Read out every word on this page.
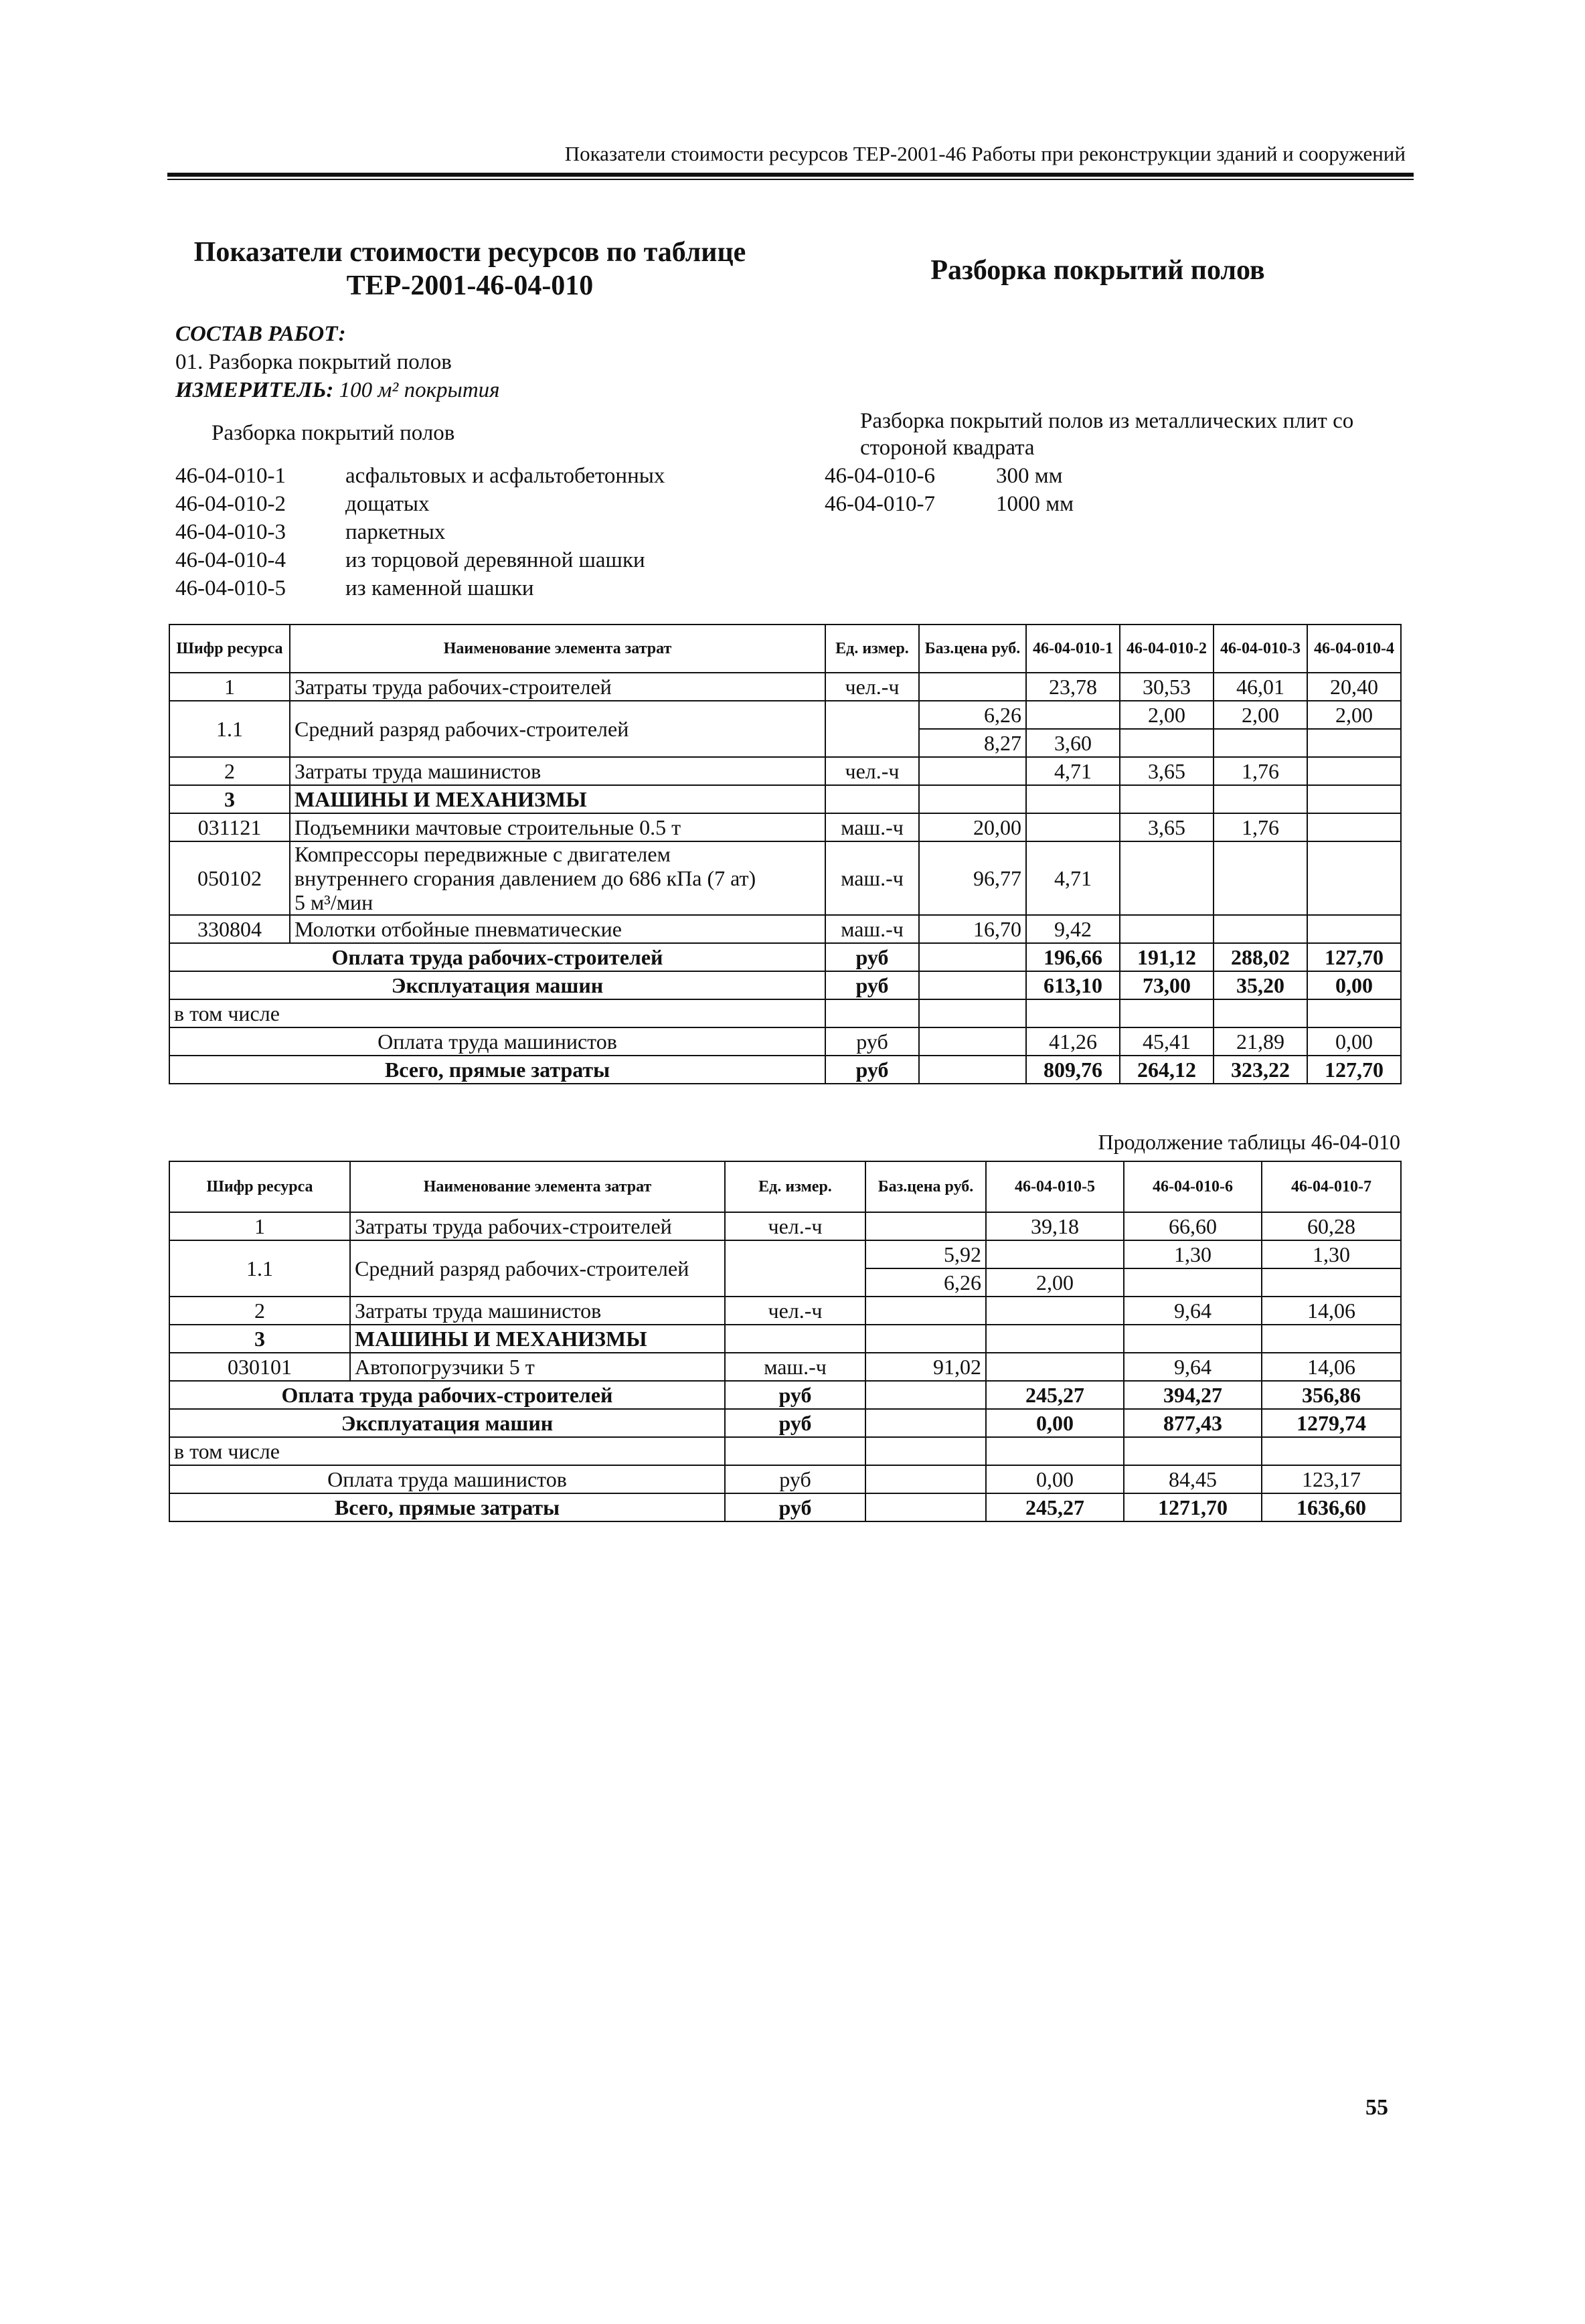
Показатели стоимости ресурсов ТЕР-2001-46 Работы при реконструкции зданий и сооружений
Показатели стоимости ресурсов по таблице
ТЕР-2001-46-04-010	Разборка покрытий полов
СОСТАВ РАБОТ:
01. Разборка покрытий полов
ИЗМЕРИТЕЛЬ: 100 м² покрытия
Разборка покрытий полов
46-04-010-1	асфальтовых и асфальтобетонных
46-04-010-2	дощатых
46-04-010-3	паркетных
46-04-010-4	из торцовой деревянной шашки
46-04-010-5	из каменной шашки
Разборка покрытий полов из металлических плит со
стороной квадрата
46-04-010-6	300 мм
46-04-010-7	1000 мм
Шифр ресурса	Наименование элемента затрат	Ед. измер.	Баз.цена руб.	46-04-010-1	46-04-010-2	46-04-010-3	46-04-010-4
1	Затраты труда рабочих-строителей	чел.-ч		23,78	30,53	46,01	20,40
1.1	Средний разряд рабочих-строителей		6,26		2,00	2,00	2,00
			8,27	3,60			
2	Затраты труда машинистов	чел.-ч		4,71	3,65	1,76	
3	МАШИНЫ И МЕХАНИЗМЫ						
031121	Подъемники мачтовые строительные 0.5 т	маш.-ч	20,00		3,65	1,76	
050102	Компрессоры передвижные с двигателем
внутреннего сгорания давлением до 686 кПа (7 ат)
5 м³/мин	маш.-ч	96,77	4,71			
330804	Молотки отбойные пневматические	маш.-ч	16,70	9,42			
Оплата труда рабочих-строителей		руб		196,66	191,12	288,02	127,70
Эксплуатация машин		руб		613,10	73,00	35,20	0,00
в том числе							
Оплата труда машинистов		руб		41,26	45,41	21,89	0,00
Всего, прямые затраты		руб		809,76	264,12	323,22	127,70
Продолжение таблицы 46-04-010
Шифр ресурса	Наименование элемента затрат	Ед. измер.	Баз.цена руб.	46-04-010-5	46-04-010-6	46-04-010-7
1	Затраты труда рабочих-строителей	чел.-ч		39,18	66,60	60,28
1.1	Средний разряд рабочих-строителей		5,92		1,30	1,30
			6,26	2,00		
2	Затраты труда машинистов	чел.-ч			9,64	14,06
3	МАШИНЫ И МЕХАНИЗМЫ					
030101	Автопогрузчики 5 т	маш.-ч	91,02		9,64	14,06
Оплата труда рабочих-строителей		руб		245,27	394,27	356,86
Эксплуатация машин		руб		0,00	877,43	1279,74
в том числе						
Оплата труда машинистов		руб		0,00	84,45	123,17
Всего, прямые затраты		руб		245,27	1271,70	1636,60
55
